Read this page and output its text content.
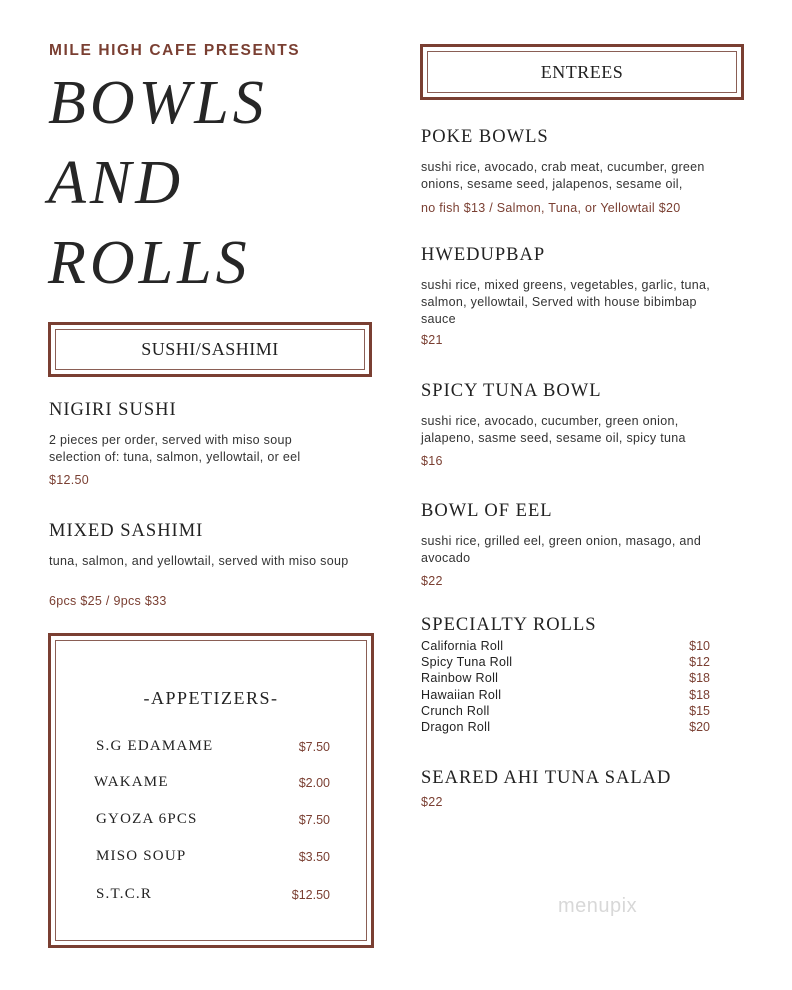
MILE HIGH CAFE PRESENTS
BOWLS
AND
ROLLS
SUSHI/SASHIMI
NIGIRI SUSHI
2 pieces per order, served with miso soup
selection of: tuna, salmon, yellowtail, or eel
$12.50
MIXED SASHIMI
tuna, salmon, and yellowtail, served with miso soup
6pcs $25 / 9pcs $33
-APPETIZERS-
S.G EDAMAME	$7.50
WAKAME	$2.00
GYOZA 6PCS	$7.50
MISO SOUP	$3.50
S.T.C.R	$12.50
ENTREES
POKE BOWLS
sushi rice, avocado, crab meat, cucumber, green
onions, sesame seed, jalapenos, sesame oil,
no fish $13 / Salmon, Tuna, or Yellowtail $20
HWEDUPBAP
sushi rice, mixed greens, vegetables, garlic, tuna,
salmon, yellowtail, Served with house bibimbap
sauce
$21
SPICY TUNA BOWL
sushi rice, avocado, cucumber, green onion,
jalapeno, sasme seed, sesame oil, spicy tuna
$16
BOWL OF EEL
sushi rice, grilled eel, green onion, masago, and
avocado
$22
SPECIALTY ROLLS
California Roll	$10
Spicy Tuna Roll	$12
Rainbow Roll	$18
Hawaiian Roll	$18
Crunch Roll	$15
Dragon Roll	$20
SEARED AHI TUNA SALAD
$22
menupix
